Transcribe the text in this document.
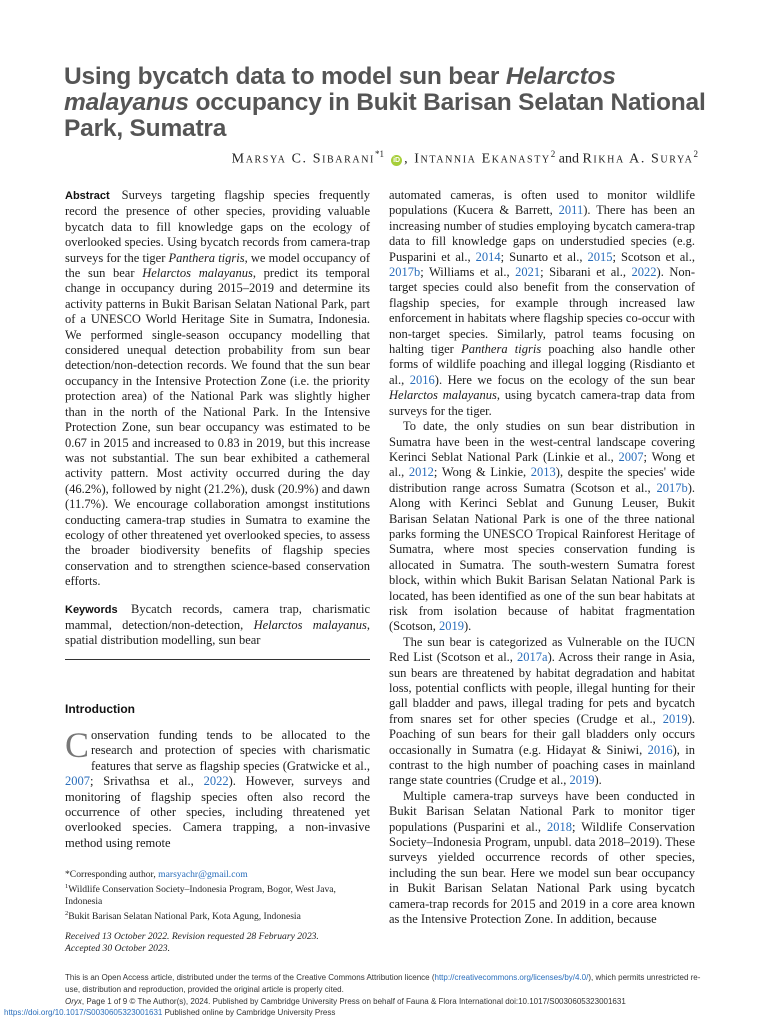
Using bycatch data to model sun bear Helarctos malayanus occupancy in Bukit Barisan Selatan National Park, Sumatra
Marsya C. Sibarani$^{*1}$ iD , Intannia Ekanasty$^2$ and Rikha A. Surya$^2$

Abstract Surveys targeting flagship species frequently record the presence of other species, providing valuable bycatch data to fill knowledge gaps on the ecology of overlooked species. Using bycatch records from camera-trap surveys for the tiger Panthera tigris, we model occupancy of the sun bear Helarctos malayanus, predict its temporal change in occupancy during 2015–2019 and determine its activity patterns in Bukit Barisan Selatan National Park, part of a UNESCO World Heritage Site in Sumatra, Indonesia. We performed single-season occupancy modelling that considered unequal detection probability from sun bear detection/non-detection records. We found that the sun bear occupancy in the Intensive Protection Zone (i.e. the priority protection area) of the National Park was slightly higher than in the north of the National Park. In the Intensive Protection Zone, sun bear occupancy was estimated to be 0.67 in 2015 and increased to 0.83 in 2019, but this increase was not substantial. The sun bear exhibited a cathemeral activity pattern. Most activity occurred during the day (46.2%), followed by night (21.2%), dusk (20.9%) and dawn (11.7%). We encourage collaboration amongst institutions conducting camera-trap studies in Sumatra to examine the ecology of other threatened yet overlooked species, to assess the broader biodiversity benefits of flagship species conservation and to strengthen science-based conservation efforts.

Keywords Bycatch records, camera trap, charismatic mammal, detection/non-detection, Helarctos malayanus, spatial distribution modelling, sun bear

Introduction

Conservation funding tends to be allocated to the research and protection of species with charismatic features that serve as flagship species (Gratwicke et al., 2007; Srivathsa et al., 2022). However, surveys and monitoring of flagship species often also record the occurrence of other species, including threatened yet overlooked species. Camera trapping, a non-invasive method using remote

*Corresponding author, marsyachr@gmail.com

$^1$Wildlife Conservation Society–Indonesia Program, Bogor, West Java, Indonesia

$^2$Bukit Barisan Selatan National Park, Kota Agung, Indonesia

Received 13 October 2022. Revision requested 28 February 2023.

Accepted 30 October 2023.

automated cameras, is often used to monitor wildlife populations (Kucera & Barrett, 2011). There has been an increasing number of studies employing bycatch camera-trap data to fill knowledge gaps on understudied species (e.g. Pusparini et al., 2014; Sunarto et al., 2015; Scotson et al., 2017b; Williams et al., 2021; Sibarani et al., 2022). Non-target species could also benefit from the conservation of flagship species, for example through increased law enforcement in habitats where flagship species co-occur with non-target species. Similarly, patrol teams focusing on halting tiger Panthera tigris poaching also handle other forms of wildlife poaching and illegal logging (Risdianto et al., 2016). Here we focus on the ecology of the sun bear Helarctos malayanus, using bycatch camera-trap data from surveys for the tiger.

To date, the only studies on sun bear distribution in Sumatra have been in the west-central landscape covering Kerinci Seblat National Park (Linkie et al., 2007; Wong et al., 2012; Wong & Linkie, 2013), despite the species' wide distribution range across Sumatra (Scotson et al., 2017b). Along with Kerinci Seblat and Gunung Leuser, Bukit Barisan Selatan National Park is one of the three national parks forming the UNESCO Tropical Rainforest Heritage of Sumatra, where most species conservation funding is allocated in Sumatra. The south-western Sumatra forest block, within which Bukit Barisan Selatan National Park is located, has been identified as one of the sun bear habitats at risk from isolation because of habitat fragmentation (Scotson, 2019).

The sun bear is categorized as Vulnerable on the IUCN Red List (Scotson et al., 2017a). Across their range in Asia, sun bears are threatened by habitat degradation and habitat loss, potential conflicts with people, illegal hunting for their gall bladder and paws, illegal trading for pets and bycatch from snares set for other species (Crudge et al., 2019). Poaching of sun bears for their gall bladders only occurs occasionally in Sumatra (e.g. Hidayat & Siniwi, 2016), in contrast to the high number of poaching cases in mainland range state countries (Crudge et al., 2019).

Multiple camera-trap surveys have been conducted in Bukit Barisan Selatan National Park to monitor tiger populations (Pusparini et al., 2018; Wildlife Conservation Society–Indonesia Program, unpubl. data 2018–2019). These surveys yielded occurrence records of other species, including the sun bear. Here we model sun bear occupancy in Bukit Barisan Selatan National Park using bycatch camera-trap records for 2015 and 2019 in a core area known as the Intensive Protection Zone. In addition, because

This is an Open Access article, distributed under the terms of the Creative Commons Attribution licence (http://creativecommons.org/licenses/by/4.0/), which permits unrestricted re-use, distribution and reproduction, provided the original article is properly cited.

Oryx, Page 1 of 9 © The Author(s), 2024. Published by Cambridge University Press on behalf of Fauna & Flora International doi:10.1017/S0030605323001631

https://doi.org/10.1017/S0030605323001631 Published online by Cambridge University Press
